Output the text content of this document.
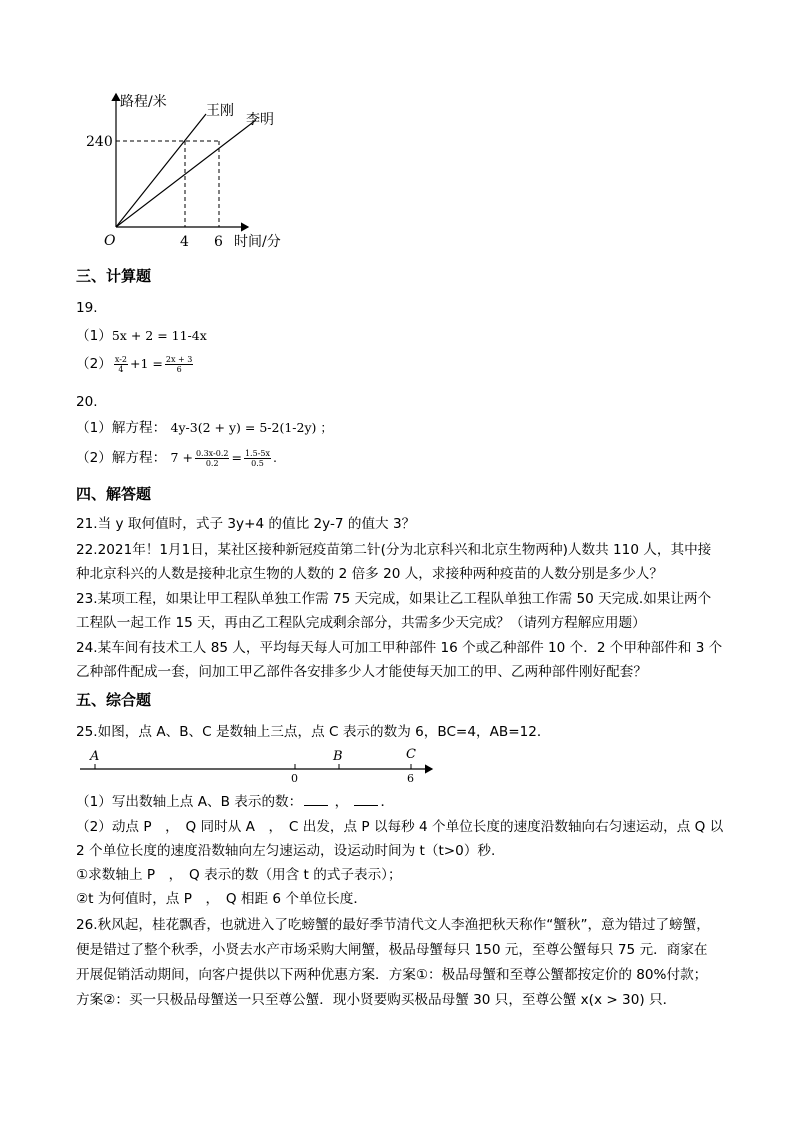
路程/米
时间/分
O
240
4 6
王刚
李明
三、计算题
19.
（1）5x + 2 = 11-4x
$(2) \frac{x-2}{4} +1 = \frac{2x + 3}{6}$
20.
（1）解方程： 4y-3(2 + y) = 5-2(1-2y) ；
（2）解方程： $7 + \frac{0.3x-0.2}{0.2} = \frac{1.5-5x}{0.5}$ .
四、解答题
21.当 y 取何值时，式子 3y+4 的值比 2y-7 的值大 3？
22.2021年！1月1日，某社区接种新冠疫苗第二针(分为北京科兴和北京生物两种)人数共 110 人，其中接
种北京科兴的人数是接种北京生物的人数的 2 倍多 20 人，求接种两种疫苗的人数分别是多少人？
23.某项工程，如果让甲工程队单独工作需 75 天完成，如果让乙工程队单独工作需 50 天完成.如果让两个
工程队一起工作 15 天，再由乙工程队完成剩余部分，共需多少天完成？（请列方程解应用题）
24.某车间有技术工人 85 人，平均每天每人可加工甲种部件 16 个或乙种部件 10 个．2 个甲种部件和 3 个
乙种部件配成一套，问加工甲乙部件各安排多少人才能使每天加工的甲、乙两种部件刚好配套？
五、综合题
25.如图，点 A、B、C 是数轴上三点，点 C 表示的数为 6，BC=4，AB=12．
A	B	C
0	6
（1）写出数轴上点 A、B 表示的数： ， ．
（2）动点 P　，　Q 同时从 A　，　C 出发，点 P 以每秒 4 个单位长度的速度沿数轴向右匀速运动，点 Q 以
2 个单位长度的速度沿数轴向左匀速运动，设运动时间为 t（t>0）秒.
①求数轴上 P　，　Q 表示的数（用含 t 的式子表示）；
②t 为何值时，点 P　，　Q 相距 6 个单位长度．
26.秋风起，桂花飘香，也就进入了吃螃蟹的最好季节清代文人李渔把秋天称作“蟹秋”，意为错过了螃蟹，
便是错过了整个秋季，小贤去水产市场采购大闸蟹，极品母蟹每只 150 元，至尊公蟹每只 75 元．商家在
开展促销活动期间，向客户提供以下两种优惠方案．方案①：极品母蟹和至尊公蟹都按定价的 80%付款；
方案②：买一只极品母蟹送一只至尊公蟹．现小贤要购买极品母蟹 30 只，至尊公蟹 x(x > 30) 只．
